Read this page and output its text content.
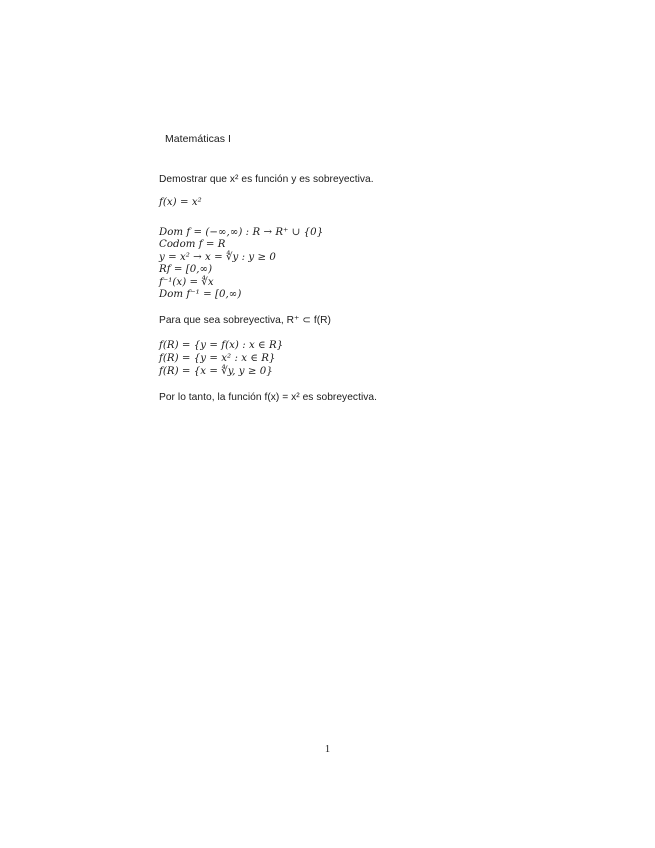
Matemáticas I
Demostrar que x² es función y es sobreyectiva.
f(x) = x²
Dom f = (−∞,∞) : R → R⁺ ∪ {0}
Codom f = R
y = x² → x = ∜y : y ≥ 0
Rf = [0,∞)
f⁻¹(x) = ∜x
Dom f⁻¹ = [0,∞)
Para que sea sobreyectiva, R⁺ ⊂ f(R)
f(R) = {y = f(x) : x ∈ R}
f(R) = {y = x² : x ∈ R}
f(R) = {x = ∜y, y ≥ 0}
Por lo tanto, la función f(x) = x² es sobreyectiva.
1
